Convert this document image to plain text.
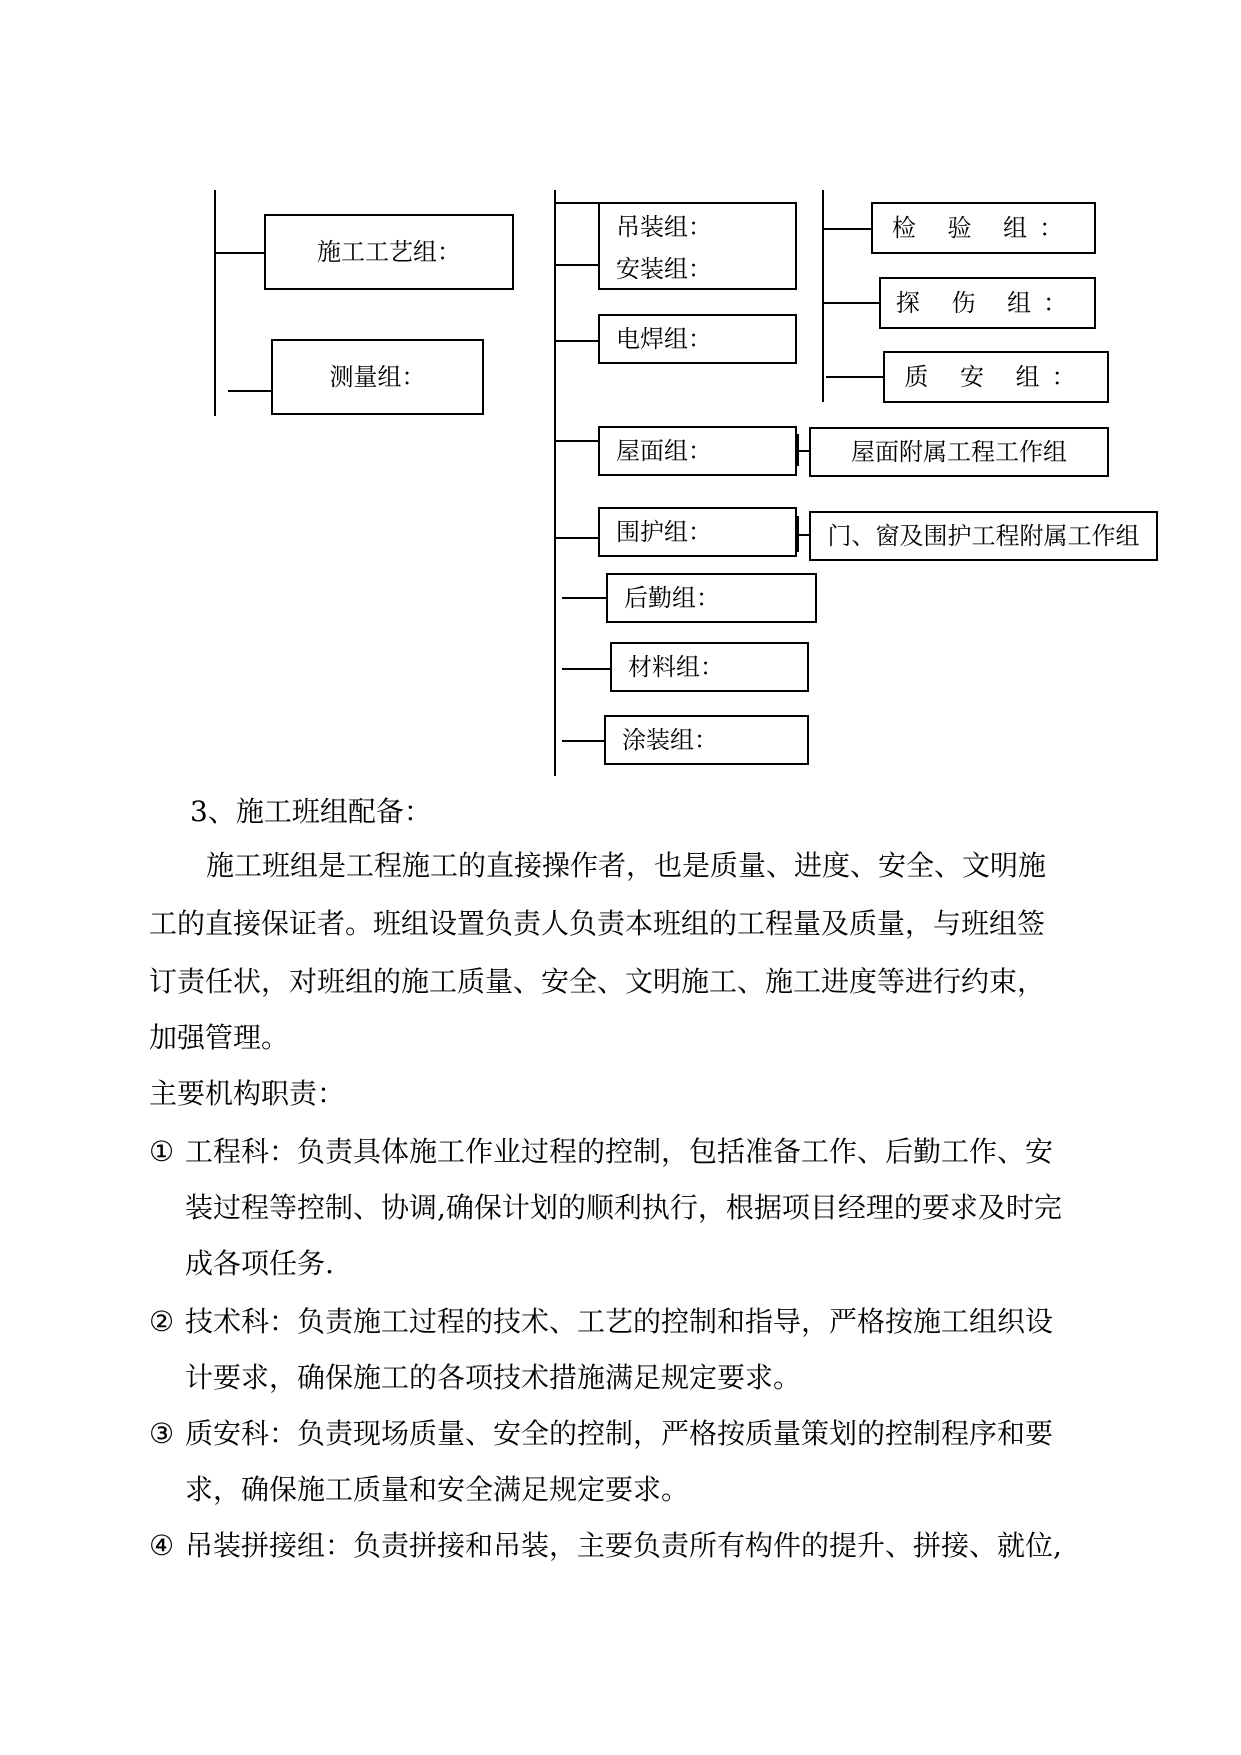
施工工艺组：
测量组：
吊装组：
安装组：
电焊组：
屋面组：
围护组：
后勤组：
材料组：
涂装组：
屋面附属工程工作组
门、窗及围护工程附属工作组
检 验 组：
探 伤 组：
质 安 组：
3、施工班组配备：
施工班组是工程施工的直接操作者，也是质量、进度、安全、文明施
工的直接保证者。班组设置负责人负责本班组的工程量及质量，与班组签
订责任状，对班组的施工质量、安全、文明施工、施工进度等进行约束，
加强管理。
主要机构职责：
① 工程科：负责具体施工作业过程的控制，包括准备工作、后勤工作、安
装过程等控制、协调,确保计划的顺利执行，根据项目经理的要求及时完
成各项任务.
② 技术科：负责施工过程的技术、工艺的控制和指导，严格按施工组织设
计要求，确保施工的各项技术措施满足规定要求。
③ 质安科：负责现场质量、安全的控制，严格按质量策划的控制程序和要
求，确保施工质量和安全满足规定要求。
④ 吊装拼接组：负责拼接和吊装，主要负责所有构件的提升、拼接、就位,
